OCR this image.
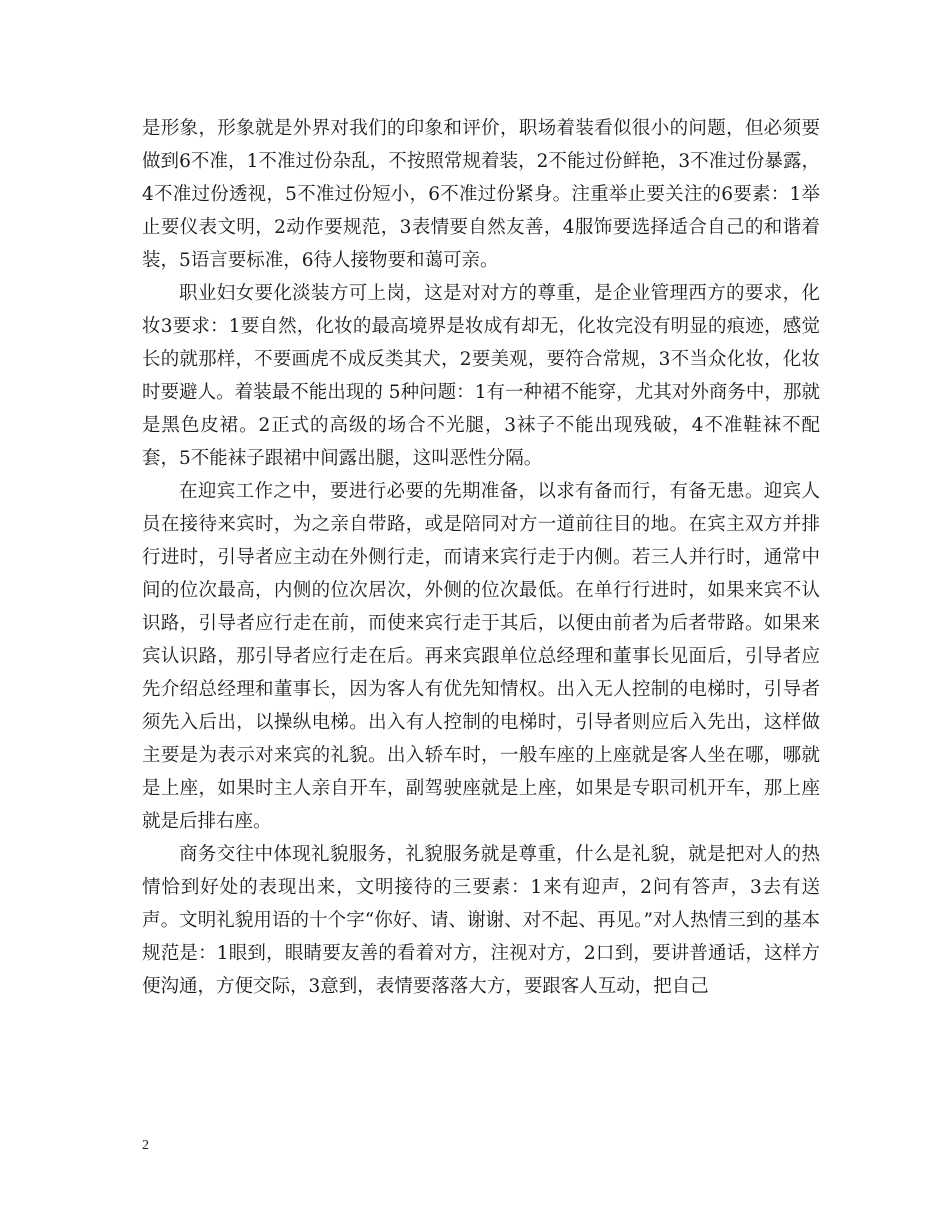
是形象，形象就是外界对我们的印象和评价，职场着装看似很小的问题，但必须要做到6不准，1不准过份杂乱，不按照常规着装，2不能过份鲜艳，3不准过份暴露，4不准过份透视，5不准过份短小，6不准过份紧身。注重举止要关注的6要素：1举止要仪表文明，2动作要规范，3表情要自然友善，4服饰要选择适合自己的和谐着装，5语言要标准，6待人接物要和蔼可亲。

职业妇女要化淡装方可上岗，这是对对方的尊重，是企业管理西方的要求，化妆3要求：1要自然，化妆的最高境界是妆成有却无，化妆完没有明显的痕迹，感觉长的就那样，不要画虎不成反类其犬，2要美观，要符合常规，3不当众化妆，化妆时要避人。着装最不能出现的 5种问题：1有一种裙不能穿，尤其对外商务中，那就是黑色皮裙。2正式的高级的场合不光腿，3袜子不能出现残破，4不准鞋袜不配套，5不能袜子跟裙中间露出腿，这叫恶性分隔。

在迎宾工作之中，要进行必要的先期准备，以求有备而行，有备无患。迎宾人员在接待来宾时，为之亲自带路，或是陪同对方一道前往目的地。在宾主双方并排行进时，引导者应主动在外侧行走，而请来宾行走于内侧。若三人并行时，通常中间的位次最高，内侧的位次居次，外侧的位次最低。在单行行进时，如果来宾不认识路，引导者应行走在前，而使来宾行走于其后，以便由前者为后者带路。如果来宾认识路，那引导者应行走在后。再来宾跟单位总经理和董事长见面后，引导者应先介绍总经理和董事长，因为客人有优先知情权。出入无人控制的电梯时，引导者须先入后出，以操纵电梯。出入有人控制的电梯时，引导者则应后入先出，这样做主要是为表示对来宾的礼貌。出入轿车时，一般车座的上座就是客人坐在哪，哪就是上座，如果时主人亲自开车，副驾驶座就是上座，如果是专职司机开车，那上座就是后排右座。

商务交往中体现礼貌服务，礼貌服务就是尊重，什么是礼貌，就是把对人的热情恰到好处的表现出来，文明接待的三要素：1来有迎声，2问有答声，3去有送声。文明礼貌用语的十个字“你好、请、谢谢、对不起、再见。”对人热情三到的基本规范是：1眼到，眼睛要友善的看着对方，注视对方，2口到，要讲普通话，这样方便沟通，方便交际，3意到，表情要落落大方，要跟客人互动，把自己

2
